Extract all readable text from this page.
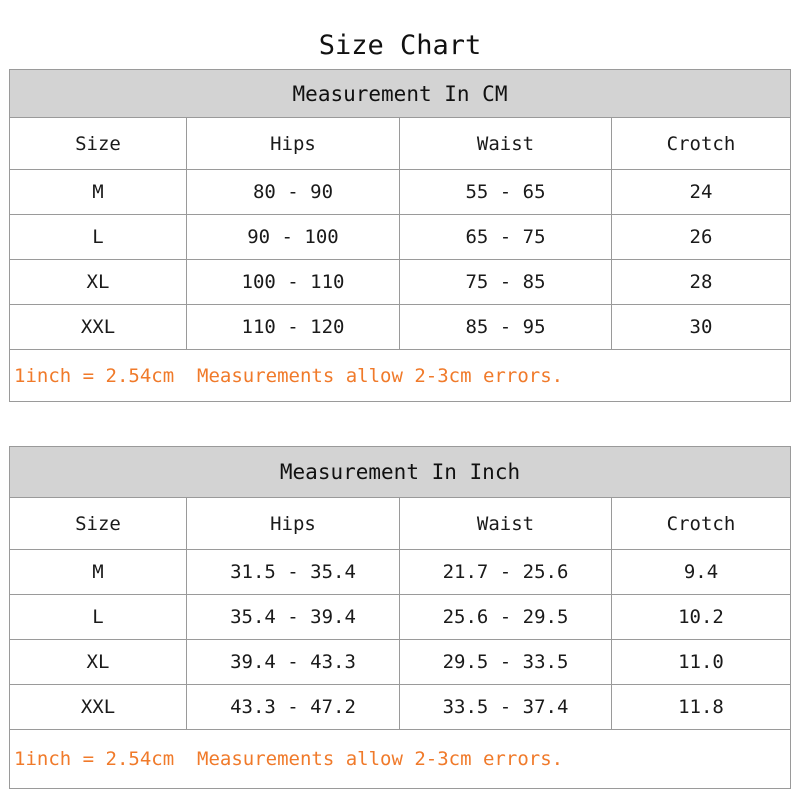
Size Chart
Measurement In CM
Size	Hips	Waist	Crotch
M	80 - 90	55 - 65	24
L	90 - 100	65 - 75	26
XL	100 - 110	75 - 85	28
XXL	110 - 120	85 - 95	30
1inch = 2.54cm  Measurements allow 2-3cm errors.
Measurement In Inch
Size	Hips	Waist	Crotch
M	31.5 - 35.4	21.7 - 25.6	9.4
L	35.4 - 39.4	25.6 - 29.5	10.2
XL	39.4 - 43.3	29.5 - 33.5	11.0
XXL	43.3 - 47.2	33.5 - 37.4	11.8
1inch = 2.54cm  Measurements allow 2-3cm errors.
